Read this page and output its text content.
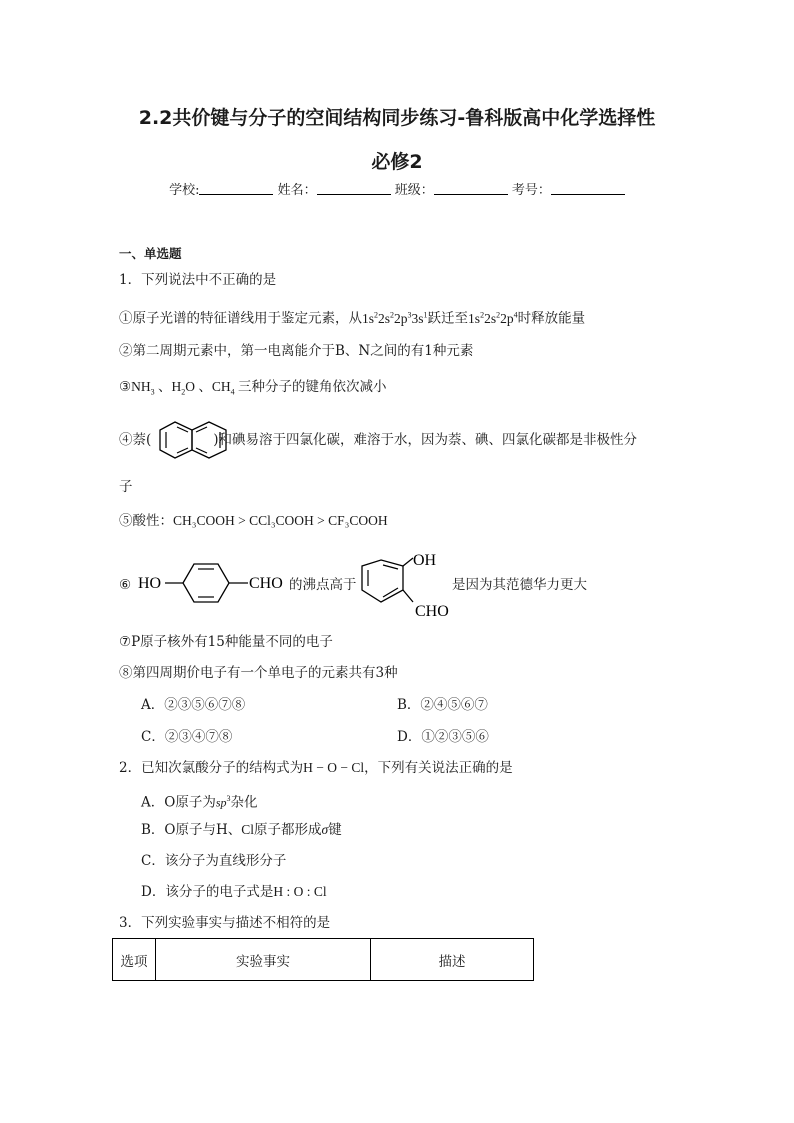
2.2共价键与分子的空间结构同步练习-鲁科版高中化学选择性
必修2
学校:	姓名：	班级：	考号：
一、单选题
1．下列说法中不正确的是
①原子光谱的特征谱线用于鉴定元素，从$1s^22s^22p^33s^1$跃迁至$1s^22s^22p^4$时释放能量
②第二周期元素中，第一电离能介于B、N之间的有1种元素
$③NH_3$ 、$H_2O$ 、$CH_4$ 三种分子的键角依次减小
④萘(	)和碘易溶于四氯化碳，难溶于水，因为萘、碘、四氯化碳都是非极性分
子
⑤酸性：CH₃COOH > CCl₃COOH > CF₃COOH
⑥ HO	CHO 的沸点高于
OH
CHO
是因为其范德华力更大
⑦P原子核外有15种能量不同的电子
⑧第四周期价电子有一个单电子的元素共有3种
A．②③⑤⑥⑦⑧	B．②④⑤⑥⑦
C．②③④⑦⑧	D．①②③⑤⑥
2．已知次氯酸分子的结构式为H − O − Cl，下列有关说法正确的是
A．O原子为$sp^3$杂化
B．O原子与H、Cl原子都形成σ键
C．该分子为直线形分子
D．该分子的电子式是H : O : Cl
3．下列实验事实与描述不相符的是
选项	实验事实	描述
